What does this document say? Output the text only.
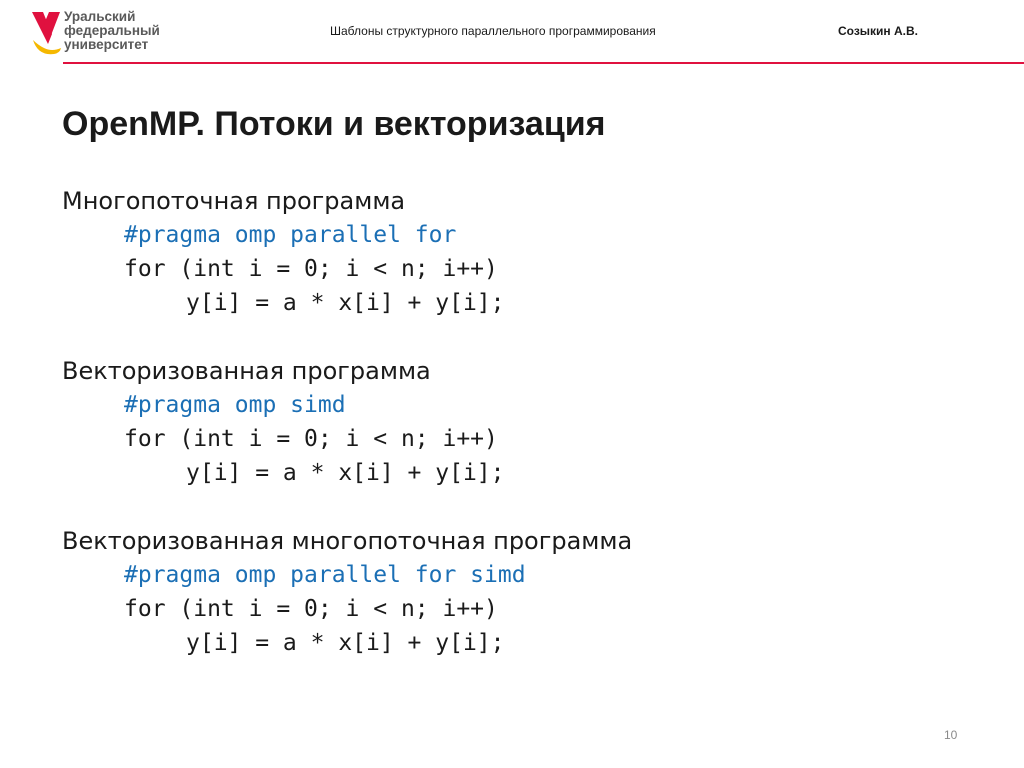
Уральский
федеральный
университет
Шаблоны структурного параллельного программирования	Созыкин А.В.
OpenMP. Потоки и векторизация
Многопоточная программа
#pragma omp parallel for
for (int i = 0; i < n; i++)
y[i] = a * x[i] + y[i];
Векторизованная программа
#pragma omp simd
for (int i = 0; i < n; i++)
y[i] = a * x[i] + y[i];
Векторизованная многопоточная программа
#pragma omp parallel for simd
for (int i = 0; i < n; i++)
y[i] = a * x[i] + y[i];
10
